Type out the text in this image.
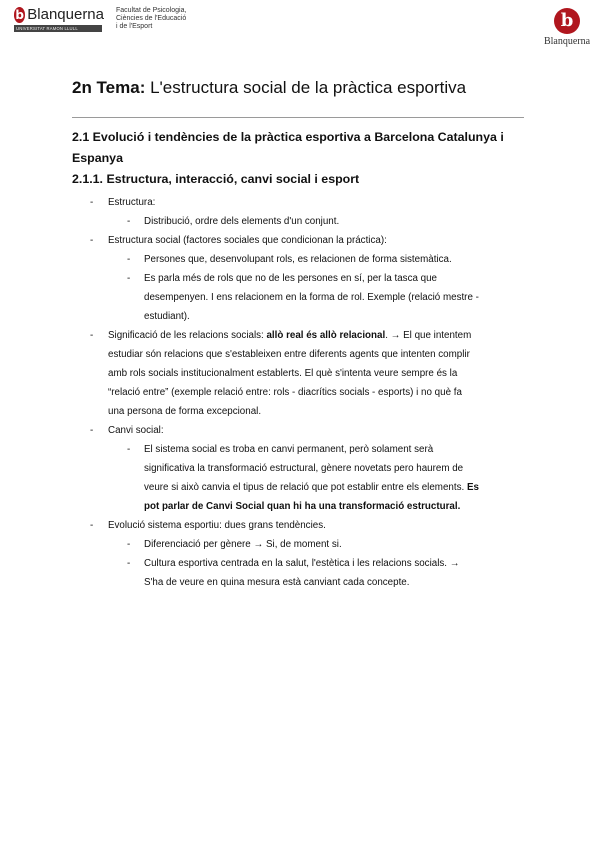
b Blanquerna
UNIVERSITAT RAMON LLULL
Facultat de Psicologia,
Ciències de l'Educació
i de l'Esport	b
Blanquerna
2n Tema: L'estructura social de la pràctica esportiva
2.1 Evolució i tendències de la pràctica esportiva a Barcelona Catalunya i Espanya
2.1.1. Estructura, interacció, canvi social i esport
- Estructura:
- Distribució, ordre dels elements d'un conjunt.
- Estructura social (factores sociales que condicionan la práctica):
- Persones que, desenvolupant rols, es relacionen de forma sistemàtica.
- Es parla més de rols que no de les persones en sí, per la tasca que
desempenyen. I ens relacionem en la forma de rol. Exemple (relació mestre -
estudiant).
- Significació de les relacions socials: allò real és allò relacional. → El que intentem
estudiar són relacions que s'estableixen entre diferents agents que intenten complir
amb rols socials institucionalment establerts. El què s'intenta veure sempre és la
“relació entre” (exemple relació entre: rols - diacrítics socials - esports) i no què fa
una persona de forma excepcional.
- Canvi social:
- El sistema social es troba en canvi permanent, però solament serà
significativa la transformació estructural, gènere novetats pero haurem de
veure si això canvia el tipus de relació que pot establir entre els elements. Es
pot parlar de Canvi Social quan hi ha una transformació estructural.
- Evolució sistema esportiu: dues grans tendències.
- Diferenciació per gènere → Si, de moment si.
- Cultura esportiva centrada en la salut, l'estètica i les relacions socials. →
S'ha de veure en quina mesura està canviant cada concepte.
